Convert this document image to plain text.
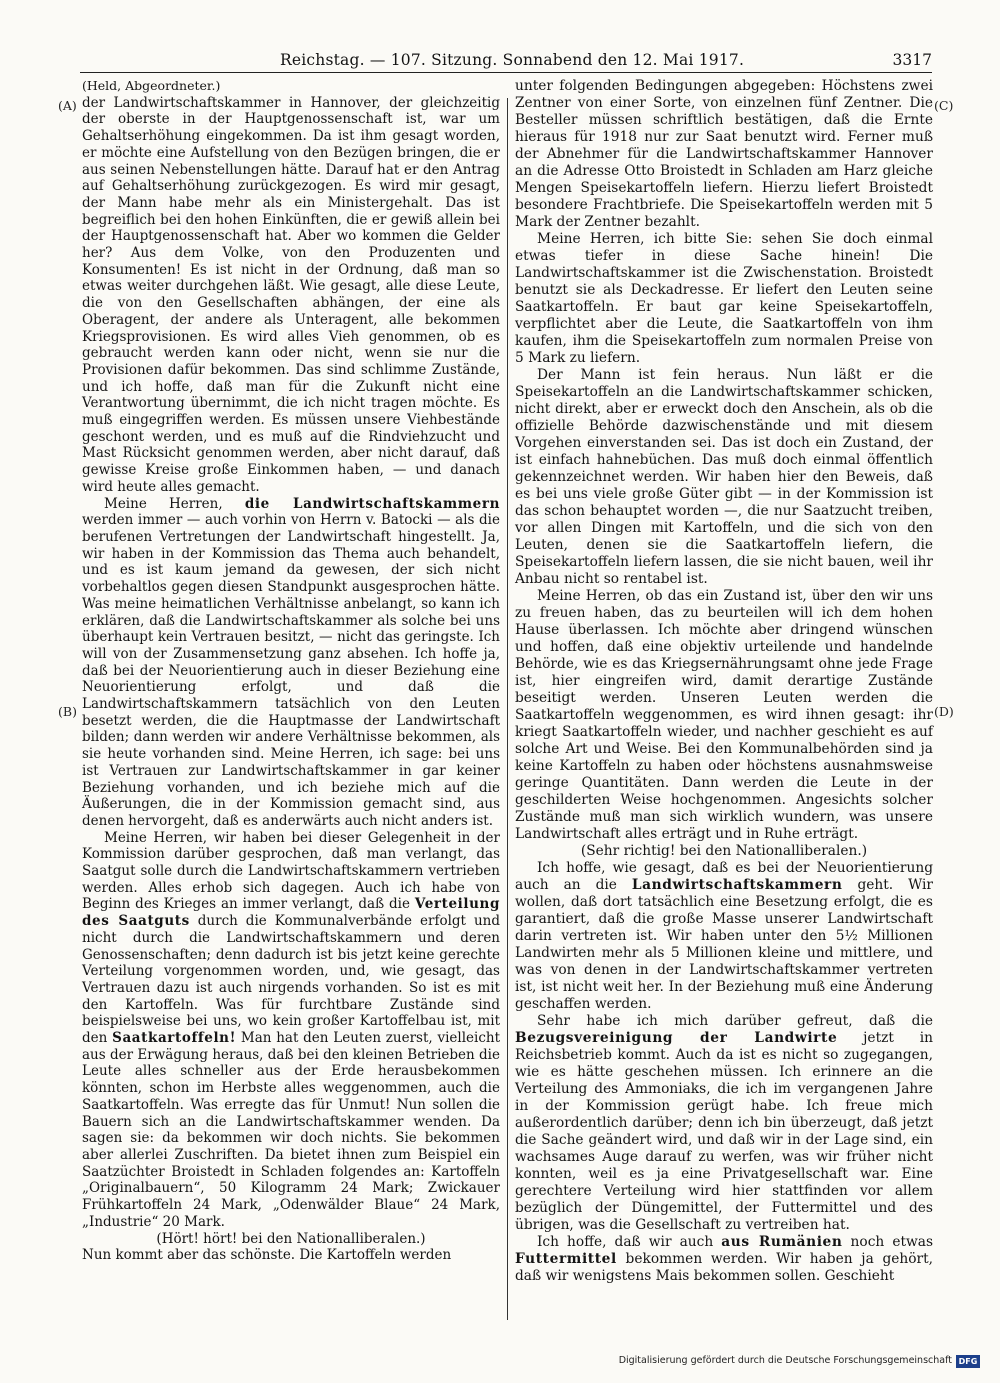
Reichstag. — 107. Sitzung. Sonnabend den 12. Mai 1917.	3317
(A)
(B)
(C)
(D)

(Held, Abgeordneter.)

der Landwirtschaftskammer in Hannover, der gleichzeitig der oberste in der Hauptgenossenschaft ist, war um Gehaltserhöhung eingekommen. Da ist ihm gesagt worden, er möchte eine Aufstellung von den Bezügen bringen, die er aus seinen Nebenstellungen hätte. Darauf hat er den Antrag auf Gehaltserhöhung zurückgezogen. Es wird mir gesagt, der Mann habe mehr als ein Ministergehalt. Das ist begreiflich bei den hohen Einkünften, die er gewiß allein bei der Hauptgenossenschaft hat. Aber wo kommen die Gelder her? Aus dem Volke, von den Produzenten und Konsumenten! Es ist nicht in der Ordnung, daß man so etwas weiter durchgehen läßt. Wie gesagt, alle diese Leute, die von den Gesellschaften abhängen, der eine als Oberagent, der andere als Unteragent, alle bekommen Kriegsprovisionen. Es wird alles Vieh genommen, ob es gebraucht werden kann oder nicht, wenn sie nur die Provisionen dafür bekommen. Das sind schlimme Zustände, und ich hoffe, daß man für die Zukunft nicht eine Verantwortung übernimmt, die ich nicht tragen möchte. Es muß eingegriffen werden. Es müssen unsere Viehbestände geschont werden, und es muß auf die Rindviehzucht und Mast Rücksicht genommen werden, aber nicht darauf, daß gewisse Kreise große Einkommen haben, — und danach wird heute alles gemacht.

Meine Herren, die Landwirtschaftskammern werden immer — auch vorhin von Herrn v. Batocki — als die berufenen Vertretungen der Landwirtschaft hingestellt. Ja, wir haben in der Kommission das Thema auch behandelt, und es ist kaum jemand da gewesen, der sich nicht vorbehaltlos gegen diesen Standpunkt ausgesprochen hätte. Was meine heimatlichen Verhältnisse anbelangt, so kann ich erklären, daß die Landwirtschaftskammer als solche bei uns überhaupt kein Vertrauen besitzt, — nicht das geringste. Ich will von der Zusammensetzung ganz absehen. Ich hoffe ja, daß bei der Neuorientierung auch in dieser Beziehung eine Neuorientierung erfolgt, und daß die Landwirtschaftskammern tatsächlich von den Leuten besetzt werden, die die Hauptmasse der Landwirtschaft bilden; dann werden wir andere Verhältnisse bekommen, als sie heute vorhanden sind. Meine Herren, ich sage: bei uns ist Vertrauen zur Landwirtschaftskammer in gar keiner Beziehung vorhanden, und ich beziehe mich auf die Äußerungen, die in der Kommission gemacht sind, aus denen hervorgeht, daß es anderwärts auch nicht anders ist.

Meine Herren, wir haben bei dieser Gelegenheit in der Kommission darüber gesprochen, daß man verlangt, das Saatgut solle durch die Landwirtschaftskammern vertrieben werden. Alles erhob sich dagegen. Auch ich habe von Beginn des Krieges an immer verlangt, daß die Verteilung des Saatguts durch die Kommunalverbände erfolgt und nicht durch die Landwirtschaftskammern und deren Genossenschaften; denn dadurch ist bis jetzt keine gerechte Verteilung vorgenommen worden, und, wie gesagt, das Vertrauen dazu ist auch nirgends vorhanden. So ist es mit den Kartoffeln. Was für furchtbare Zustände sind beispielsweise bei uns, wo kein großer Kartoffelbau ist, mit den Saatkartoffeln! Man hat den Leuten zuerst, vielleicht aus der Erwägung heraus, daß bei den kleinen Betrieben die Leute alles schneller aus der Erde herausbekommen könnten, schon im Herbste alles weggenommen, auch die Saatkartoffeln. Was erregte das für Unmut! Nun sollen die Bauern sich an die Landwirtschaftskammer wenden. Da sagen sie: da bekommen wir doch nichts. Sie bekommen aber allerlei Zuschriften. Da bietet ihnen zum Beispiel ein Saatzüchter Broistedt in Schladen folgendes an: Kartoffeln „Originalbauern“, 50 Kilogramm 24 Mark; Zwickauer Frühkartoffeln 24 Mark, „Odenwälder Blaue“ 24 Mark, „Industrie“ 20 Mark.

(Hört! hört! bei den Nationalliberalen.)

Nun kommt aber das schönste. Die Kartoffeln werden

unter folgenden Bedingungen abgegeben: Höchstens zwei Zentner von einer Sorte, von einzelnen fünf Zentner. Die Besteller müssen schriftlich bestätigen, daß die Ernte hieraus für 1918 nur zur Saat benutzt wird. Ferner muß der Abnehmer für die Landwirtschaftskammer Hannover an die Adresse Otto Broistedt in Schladen am Harz gleiche Mengen Speisekartoffeln liefern. Hierzu liefert Broistedt besondere Frachtbriefe. Die Speisekartoffeln werden mit 5 Mark der Zentner bezahlt.

Meine Herren, ich bitte Sie: sehen Sie doch einmal etwas tiefer in diese Sache hinein! Die Landwirtschaftskammer ist die Zwischenstation. Broistedt benutzt sie als Deckadresse. Er liefert den Leuten seine Saatkartoffeln. Er baut gar keine Speisekartoffeln, verpflichtet aber die Leute, die Saatkartoffeln von ihm kaufen, ihm die Speisekartoffeln zum normalen Preise von 5 Mark zu liefern.

Der Mann ist fein heraus. Nun läßt er die Speisekartoffeln an die Landwirtschaftskammer schicken, nicht direkt, aber er erweckt doch den Anschein, als ob die offizielle Behörde dazwischenstände und mit diesem Vorgehen einverstanden sei. Das ist doch ein Zustand, der ist einfach hahnebüchen. Das muß doch einmal öffentlich gekennzeichnet werden. Wir haben hier den Beweis, daß es bei uns viele große Güter gibt — in der Kommission ist das schon behauptet worden —, die nur Saatzucht treiben, vor allen Dingen mit Kartoffeln, und die sich von den Leuten, denen sie die Saatkartoffeln liefern, die Speisekartoffeln liefern lassen, die sie nicht bauen, weil ihr Anbau nicht so rentabel ist.

Meine Herren, ob das ein Zustand ist, über den wir uns zu freuen haben, das zu beurteilen will ich dem hohen Hause überlassen. Ich möchte aber dringend wünschen und hoffen, daß eine objektiv urteilende und handelnde Behörde, wie es das Kriegsernährungsamt ohne jede Frage ist, hier eingreifen wird, damit derartige Zustände beseitigt werden. Unseren Leuten werden die Saatkartoffeln weggenommen, es wird ihnen gesagt: ihr kriegt Saatkartoffeln wieder, und nachher geschieht es auf solche Art und Weise. Bei den Kommunalbehörden sind ja keine Kartoffeln zu haben oder höchstens ausnahmsweise geringe Quantitäten. Dann werden die Leute in der geschilderten Weise hochgenommen. Angesichts solcher Zustände muß man sich wirklich wundern, was unsere Landwirtschaft alles erträgt und in Ruhe erträgt.

(Sehr richtig! bei den Nationalliberalen.)

Ich hoffe, wie gesagt, daß es bei der Neuorientierung auch an die Landwirtschaftskammern geht. Wir wollen, daß dort tatsächlich eine Besetzung erfolgt, die es garantiert, daß die große Masse unserer Landwirtschaft darin vertreten ist. Wir haben unter den 5½ Millionen Landwirten mehr als 5 Millionen kleine und mittlere, und was von denen in der Landwirtschaftskammer vertreten ist, ist nicht weit her. In der Beziehung muß eine Änderung geschaffen werden.

Sehr habe ich mich darüber gefreut, daß die Bezugsvereinigung der Landwirte jetzt in Reichsbetrieb kommt. Auch da ist es nicht so zugegangen, wie es hätte geschehen müssen. Ich erinnere an die Verteilung des Ammoniaks, die ich im vergangenen Jahre in der Kommission gerügt habe. Ich freue mich außerordentlich darüber; denn ich bin überzeugt, daß jetzt die Sache geändert wird, und daß wir in der Lage sind, ein wachsames Auge darauf zu werfen, was wir früher nicht konnten, weil es ja eine Privatgesellschaft war. Eine gerechtere Verteilung wird hier stattfinden vor allem bezüglich der Düngemittel, der Futtermittel und des übrigen, was die Gesellschaft zu vertreiben hat.

Ich hoffe, daß wir auch aus Rumänien noch etwas Futtermittel bekommen werden. Wir haben ja gehört, daß wir wenigstens Mais bekommen sollen. Geschieht

Digitalisierung gefördert durch die Deutsche Forschungsgemeinschaft DFG
